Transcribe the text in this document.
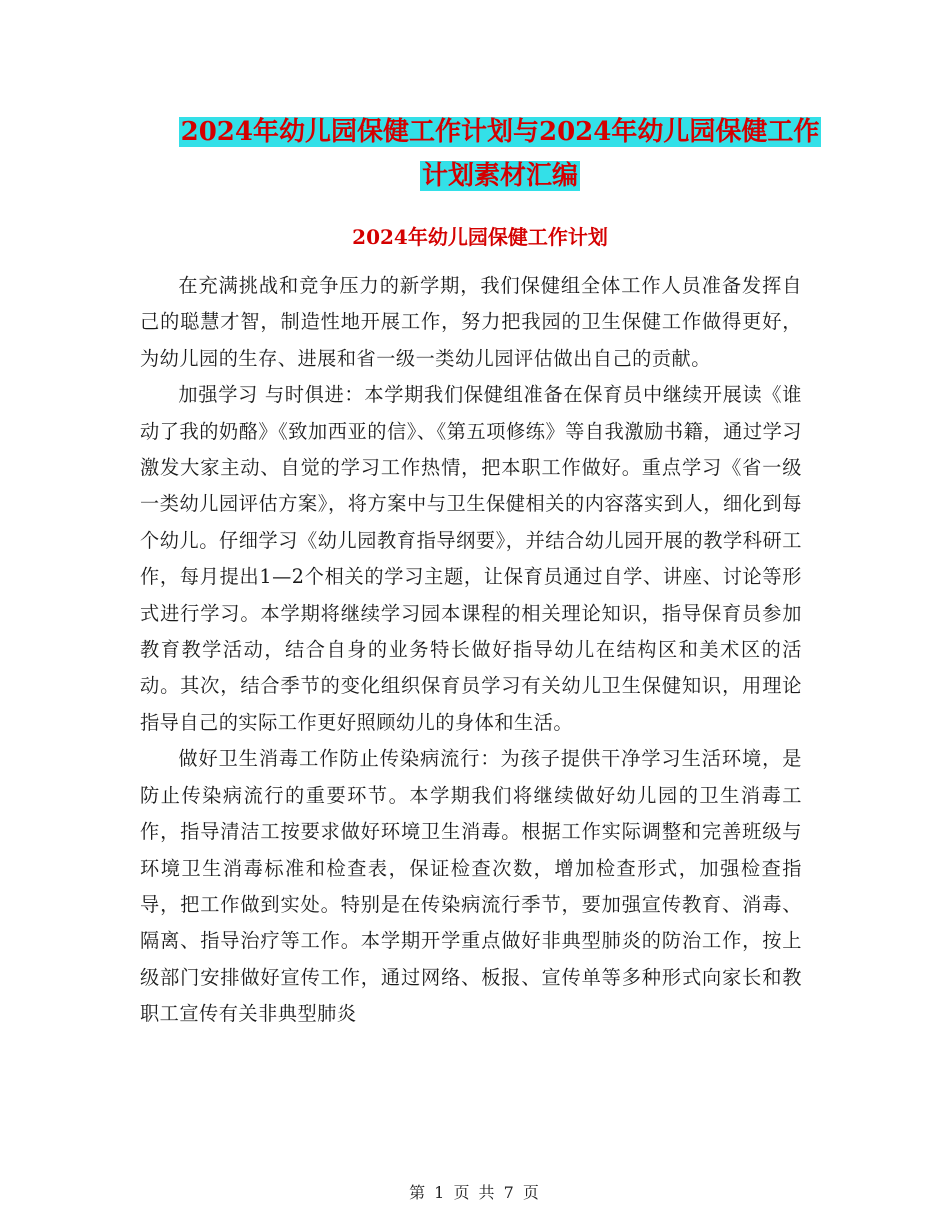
2024年幼儿园保健工作计划与2024年幼儿园保健工作
计划素材汇编
2024年幼儿园保健工作计划

在充满挑战和竞争压力的新学期，我们保健组全体工作人员准备发挥自己的聪慧才智，制造性地开展工作，努力把我园的卫生保健工作做得更好，为幼儿园的生存、进展和省一级一类幼儿园评估做出自己的贡献。

加强学习 与时俱进：本学期我们保健组准备在保育员中继续开展读《谁动了我的奶酪》《致加西亚的信》、《第五项修练》等自我激励书籍，通过学习激发大家主动、自觉的学习工作热情，把本职工作做好。重点学习《省一级一类幼儿园评估方案》，将方案中与卫生保健相关的内容落实到人，细化到每个幼儿。仔细学习《幼儿园教育指导纲要》，并结合幼儿园开展的教学科研工作，每月提出1—2个相关的学习主题，让保育员通过自学、讲座、讨论等形式进行学习。本学期将继续学习园本课程的相关理论知识，指导保育员参加教育教学活动，结合自身的业务特长做好指导幼儿在结构区和美术区的活动。其次，结合季节的变化组织保育员学习有关幼儿卫生保健知识，用理论指导自己的实际工作更好照顾幼儿的身体和生活。

做好卫生消毒工作防止传染病流行：为孩子提供干净学习生活环境，是防止传染病流行的重要环节。本学期我们将继续做好幼儿园的卫生消毒工作，指导清洁工按要求做好环境卫生消毒。根据工作实际调整和完善班级与环境卫生消毒标准和检查表，保证检查次数，增加检查形式，加强检查指导，把工作做到实处。特别是在传染病流行季节，要加强宣传教育、消毒、隔离、指导治疗等工作。本学期开学重点做好非典型肺炎的防治工作，按上级部门安排做好宣传工作，通过网络、板报、宣传单等多种形式向家长和教职工宣传有关非典型肺炎

第 1 页 共 7 页
